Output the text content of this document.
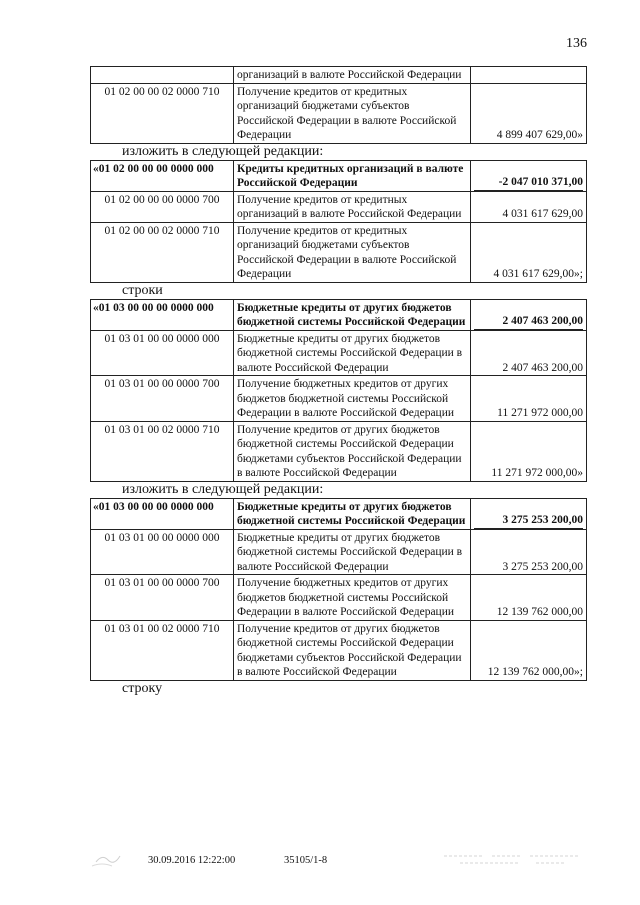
136
	организаций в валюте Российской Федерации	
01 02 00 00 02 0000 710	Получение кредитов от кредитных организаций бюджетами субъектов Российской Федерации в валюте Российской Федерации	4 899 407 629,00»
изложить в следующей редакции:
«01 02 00 00 00 0000 000	Кредиты кредитных организаций в валюте Российской Федерации	-2 047 010 371,00
01 02 00 00 00 0000 700	Получение кредитов от кредитных организаций в валюте Российской Федерации	4 031 617 629,00
01 02 00 00 02 0000 710	Получение кредитов от кредитных организаций бюджетами субъектов Российской Федерации в валюте Российской Федерации	4 031 617 629,00»;
строки
«01 03 00 00 00 0000 000	Бюджетные кредиты от других бюджетов бюджетной системы Российской Федерации	2 407 463 200,00
01 03 01 00 00 0000 000	Бюджетные кредиты от других бюджетов бюджетной системы Российской Федерации в валюте Российской Федерации	2 407 463 200,00
01 03 01 00 00 0000 700	Получение бюджетных кредитов от других бюджетов бюджетной системы Российской Федерации в валюте Российской Федерации	11 271 972 000,00
01 03 01 00 02 0000 710	Получение кредитов от других бюджетов бюджетной системы Российской Федерации бюджетами субъектов Российской Федерации в валюте Российской Федерации	11 271 972 000,00»
изложить в следующей редакции:
«01 03 00 00 00 0000 000	Бюджетные кредиты от других бюджетов бюджетной системы Российской Федерации	3 275 253 200,00
01 03 01 00 00 0000 000	Бюджетные кредиты от других бюджетов бюджетной системы Российской Федерации в валюте Российской Федерации	3 275 253 200,00
01 03 01 00 00 0000 700	Получение бюджетных кредитов от других бюджетов бюджетной системы Российской Федерации в валюте Российской Федерации	12 139 762 000,00
01 03 01 00 02 0000 710	Получение кредитов от других бюджетов бюджетной системы Российской Федерации бюджетами субъектов Российской Федерации в валюте Российской Федерации	12 139 762 000,00»;
строку
30.09.2016 12:22:00	35105/1-8
